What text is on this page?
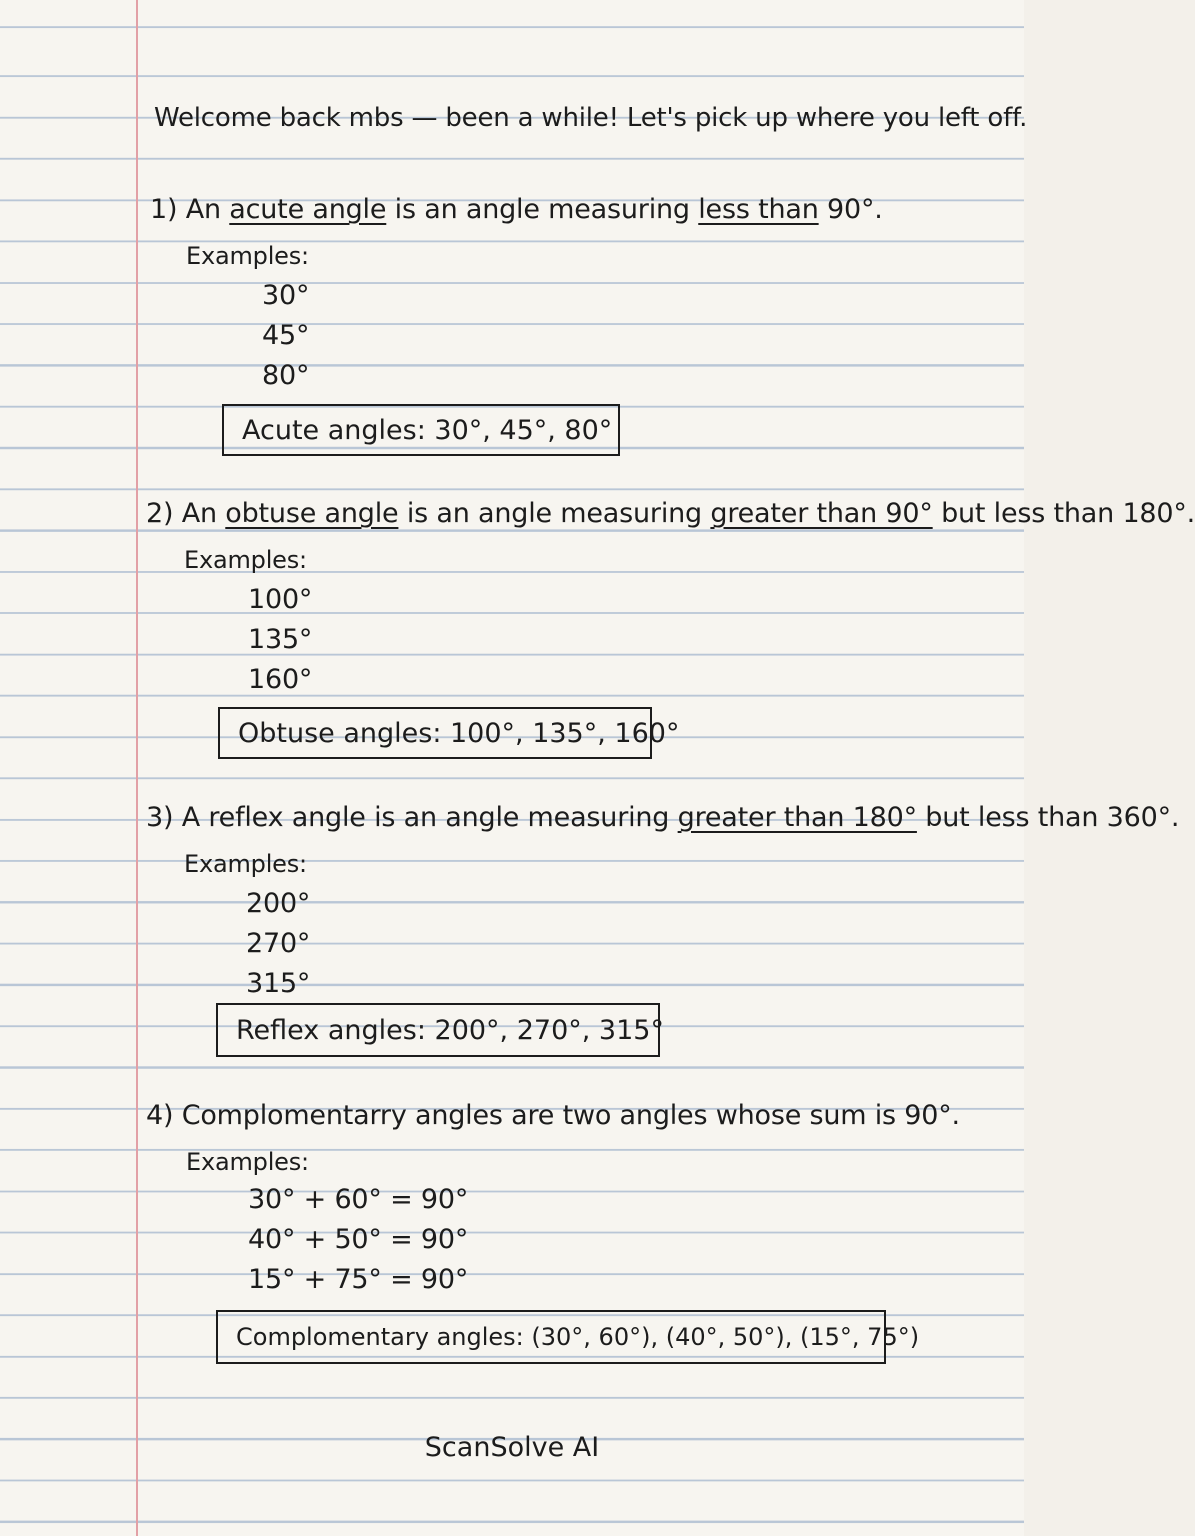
Welcome back mbs — been a while! Let's pick up where you left off.
1) An acute angle is an angle measuring less than 90°.
Examples:
30°
45°
80°
Acute angles: 30°, 45°, 80°
2) An obtuse angle is an angle measuring greater than 90° but less than 180°.
Examples:
100°
135°
160°
Obtuse angles: 100°, 135°, 160°
3) A reflex angle is an angle measuring greater than 180° but less than 360°.
Examples:
200°
270°
315°
Reflex angles: 200°, 270°, 315°
4) Complomentarry angles are two angles whose sum is 90°.
Examples:
30° + 60° = 90°
40° + 50° = 90°
15° + 75° = 90°
Complomentary angles: (30°, 60°), (40°, 50°), (15°, 75°)
ScanSolve AI
